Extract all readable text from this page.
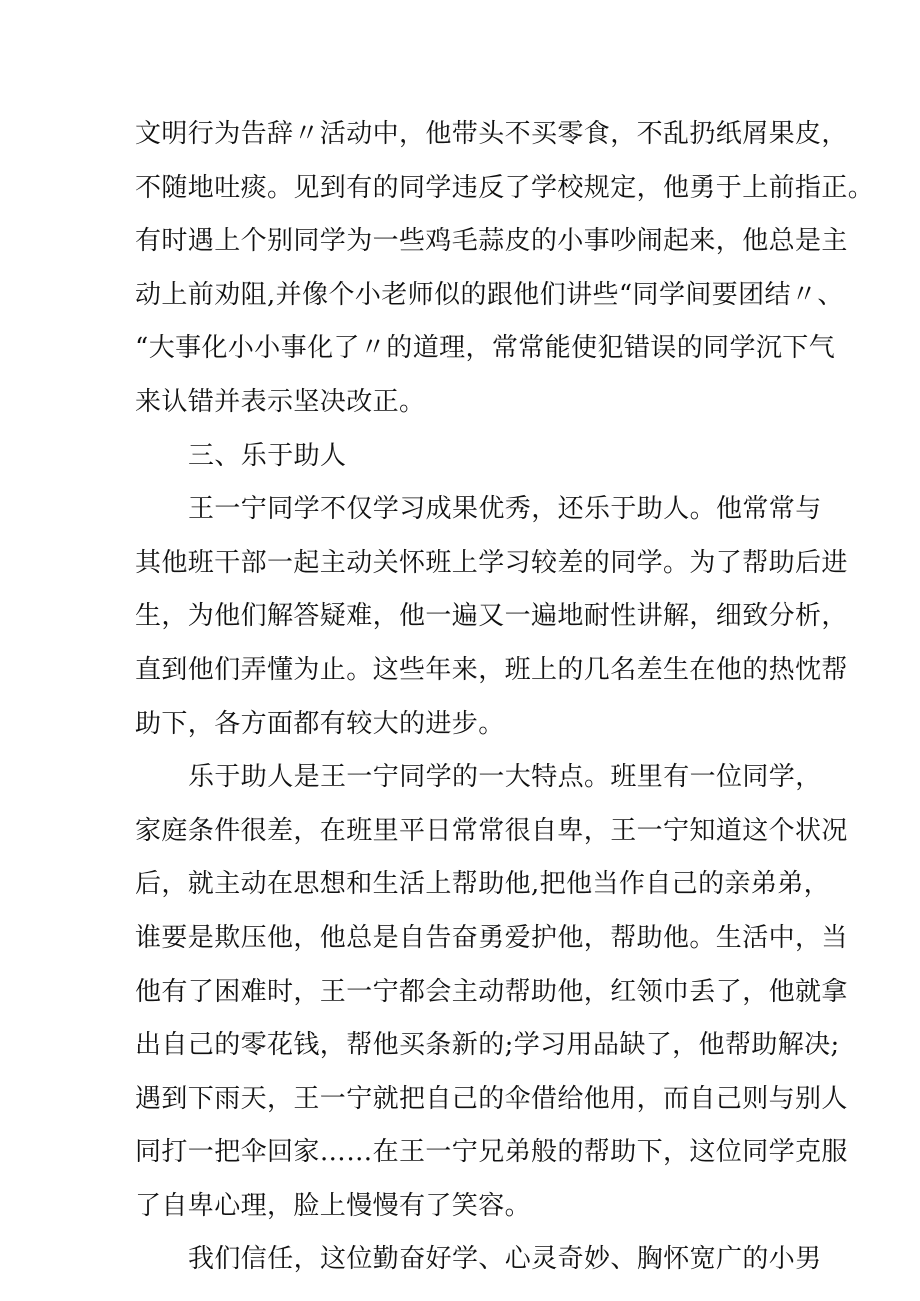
文明行为告辞〃活动中，他带头不买零食，不乱扔纸屑果皮，
不随地吐痰。见到有的同学违反了学校规定，他勇于上前指正。
有时遇上个别同学为一些鸡毛蒜皮的小事吵闹起来，他总是主
动上前劝阻,并像个小老师似的跟他们讲些“同学间要团结〃、
“大事化小小事化了〃的道理，常常能使犯错误的同学沉下气
来认错并表示坚决改正。
三、乐于助人
王一宁同学不仅学习成果优秀，还乐于助人。他常常与
其他班干部一起主动关怀班上学习较差的同学。为了帮助后进
生，为他们解答疑难，他一遍又一遍地耐性讲解，细致分析，
直到他们弄懂为止。这些年来，班上的几名差生在他的热忱帮
助下，各方面都有较大的进步。
乐于助人是王一宁同学的一大特点。班里有一位同学，
家庭条件很差，在班里平日常常很自卑，王一宁知道这个状况
后，就主动在思想和生活上帮助他,把他当作自己的亲弟弟，
谁要是欺压他，他总是自告奋勇爱护他，帮助他。生活中，当
他有了困难时，王一宁都会主动帮助他，红领巾丢了，他就拿
出自己的零花钱，帮他买条新的;学习用品缺了，他帮助解决;
遇到下雨天，王一宁就把自己的伞借给他用，而自己则与别人
同打一把伞回家……在王一宁兄弟般的帮助下，这位同学克服
了自卑心理，脸上慢慢有了笑容。
我们信任，这位勤奋好学、心灵奇妙、胸怀宽广的小男
